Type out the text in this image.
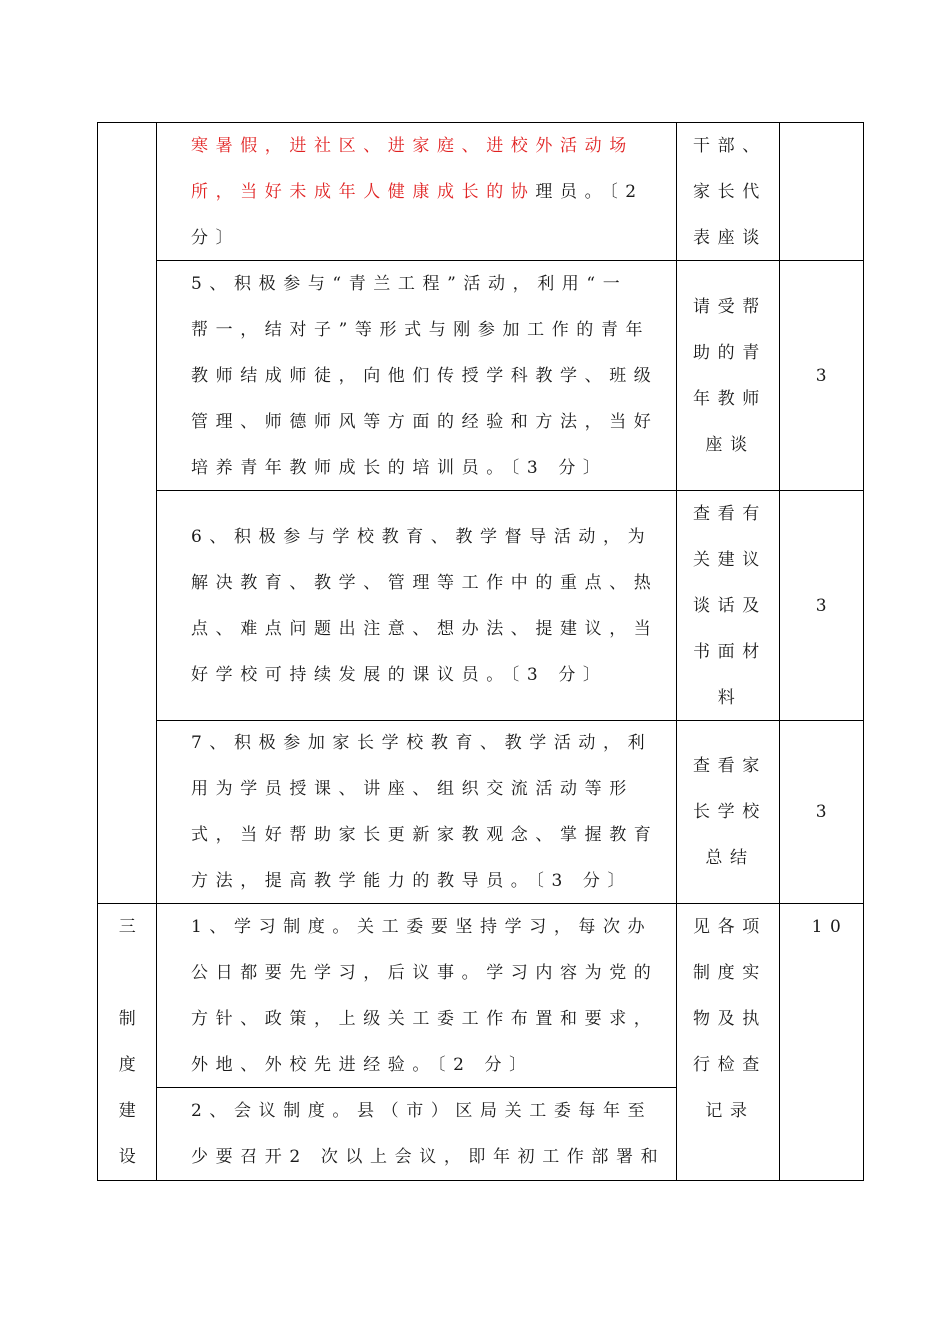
寒暑假，进社区、进家庭、进校外活动场
所，当好未成年人健康成长的协理员。〔2
分〕
干部、
家长代
表座谈
5、积极参与“青兰工程”活动，利用“一
帮一，结对子”等形式与刚参加工作的青年
教师结成师徒，向他们传授学科教学、班级
管理、师德师风等方面的经验和方法，当好
培养青年教师成长的培训员。〔3 分〕
请受帮
助的青
年教师
座谈
3
6、积极参与学校教育、教学督导活动，为
解决教育、教学、管理等工作中的重点、热
点、难点问题出注意、想办法、提建议，当
好学校可持续发展的课议员。〔3 分〕
查看有
关建议
谈话及
书面材
料
3
7、积极参加家长学校教育、教学活动，利
用为学员授课、讲座、组织交流活动等形
式，当好帮助家长更新家教观念、掌握教育
方法，提高教学能力的教导员。〔3 分〕
查看家
长学校
总结
3
三
制
度
建
设
1、学习制度。关工委要坚持学习，每次办
公日都要先学习，后议事。学习内容为党的
方针、政策，上级关工委工作布置和要求，
外地、外校先进经验。〔2 分〕
2、会议制度。县（市）区局关工委每年至
少要召开2 次以上会议，即年初工作部署和
见各项
制度实
物及执
行检查
记录
10
